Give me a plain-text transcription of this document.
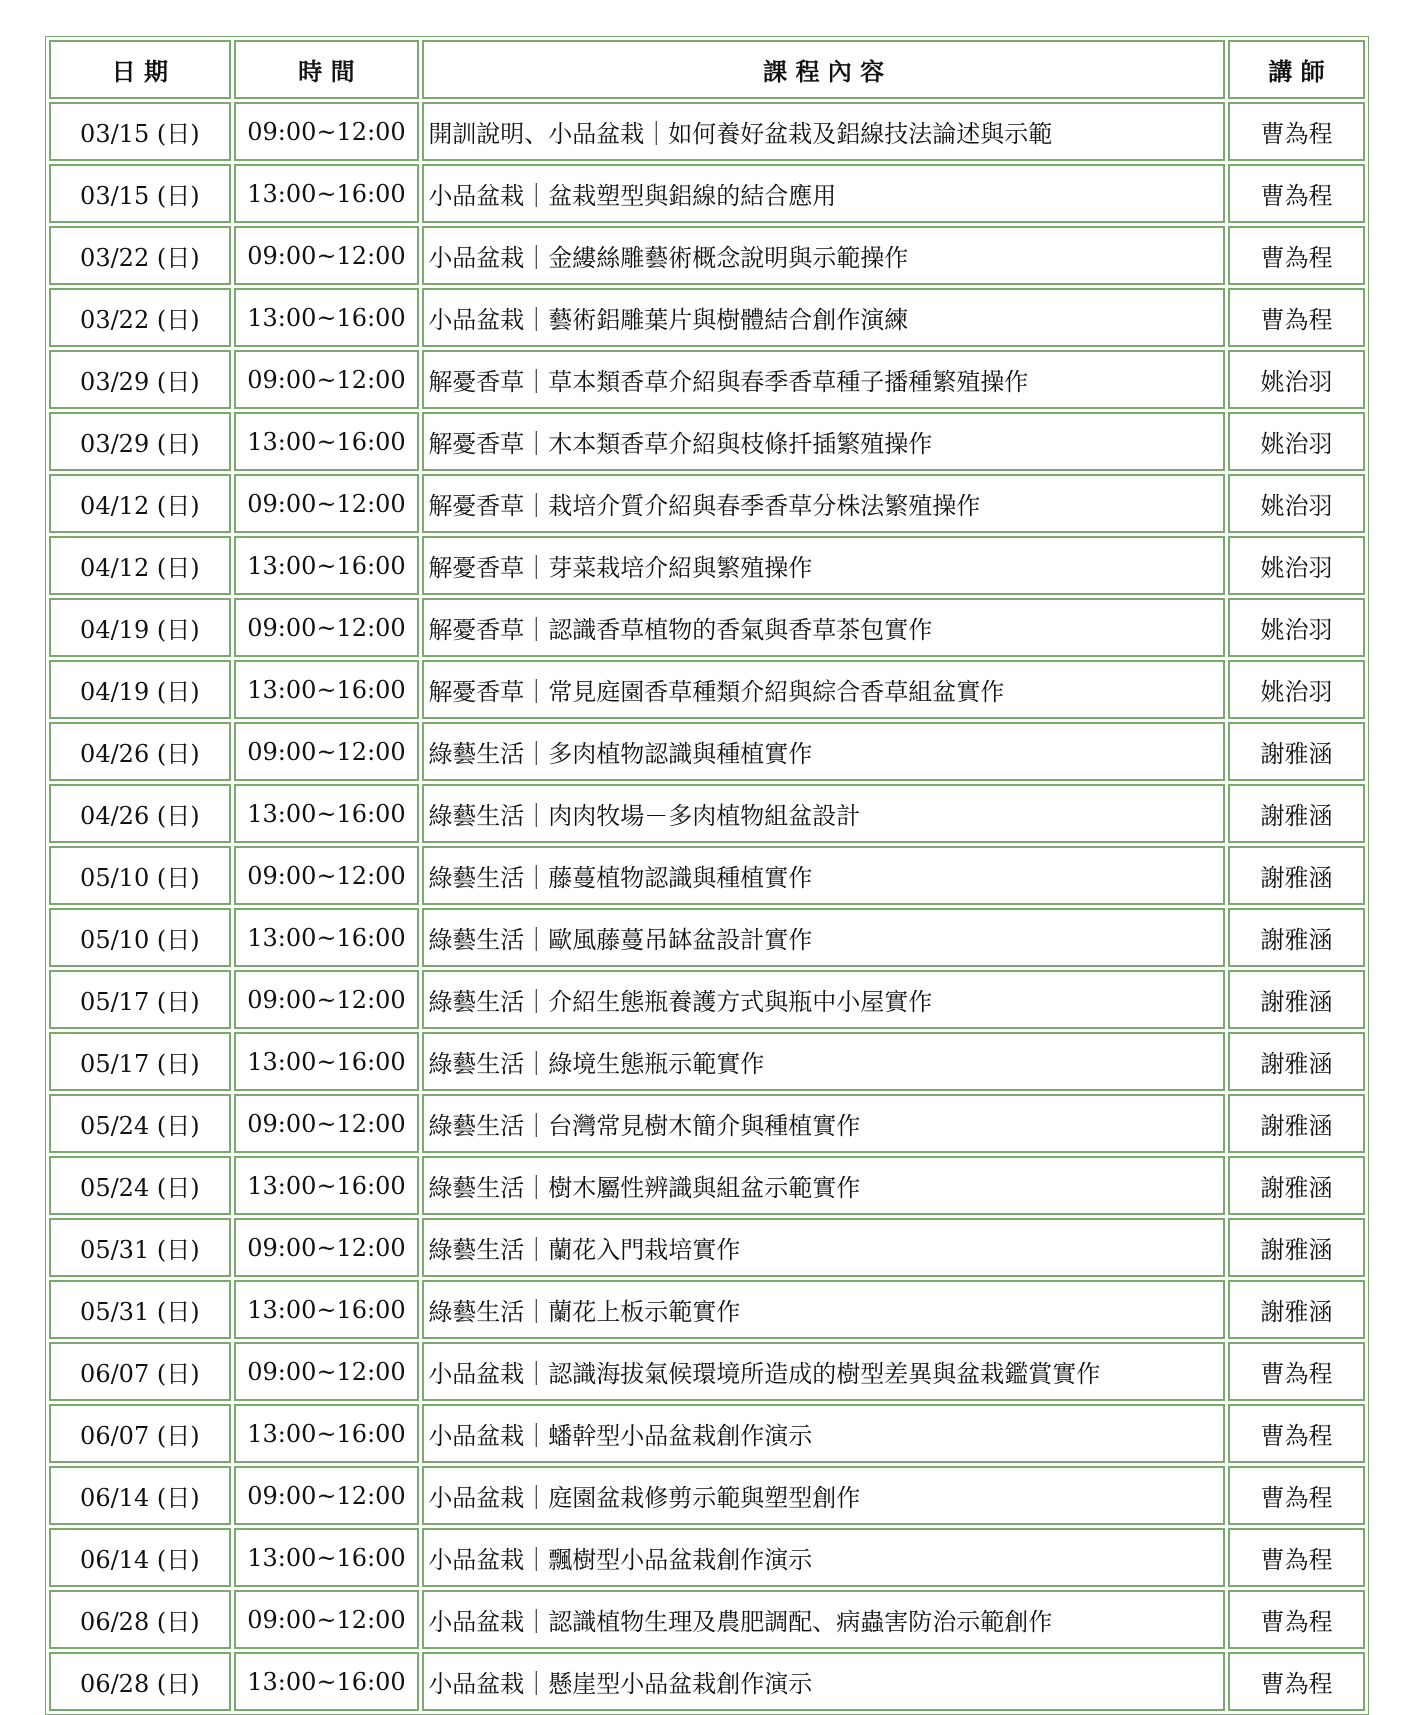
日 期	時 間	課 程 內 容	講 師
03/15 (日)	09:00~12:00	開訓說明、小品盆栽｜如何養好盆栽及鋁線技法論述與示範	曹為程
03/15 (日)	13:00~16:00	小品盆栽｜盆栽塑型與鋁線的結合應用	曹為程
03/22 (日)	09:00~12:00	小品盆栽｜金縷絲雕藝術概念說明與示範操作	曹為程
03/22 (日)	13:00~16:00	小品盆栽｜藝術鋁雕葉片與樹體結合創作演練	曹為程
03/29 (日)	09:00~12:00	解憂香草｜草本類香草介紹與春季香草種子播種繁殖操作	姚治羽
03/29 (日)	13:00~16:00	解憂香草｜木本類香草介紹與枝條扦插繁殖操作	姚治羽
04/12 (日)	09:00~12:00	解憂香草｜栽培介質介紹與春季香草分株法繁殖操作	姚治羽
04/12 (日)	13:00~16:00	解憂香草｜芽菜栽培介紹與繁殖操作	姚治羽
04/19 (日)	09:00~12:00	解憂香草｜認識香草植物的香氣與香草茶包實作	姚治羽
04/19 (日)	13:00~16:00	解憂香草｜常見庭園香草種類介紹與綜合香草組盆實作	姚治羽
04/26 (日)	09:00~12:00	綠藝生活｜多肉植物認識與種植實作	謝雅涵
04/26 (日)	13:00~16:00	綠藝生活｜肉肉牧場－多肉植物組盆設計	謝雅涵
05/10 (日)	09:00~12:00	綠藝生活｜藤蔓植物認識與種植實作	謝雅涵
05/10 (日)	13:00~16:00	綠藝生活｜歐風藤蔓吊缽盆設計實作	謝雅涵
05/17 (日)	09:00~12:00	綠藝生活｜介紹生態瓶養護方式與瓶中小屋實作	謝雅涵
05/17 (日)	13:00~16:00	綠藝生活｜綠境生態瓶示範實作	謝雅涵
05/24 (日)	09:00~12:00	綠藝生活｜台灣常見樹木簡介與種植實作	謝雅涵
05/24 (日)	13:00~16:00	綠藝生活｜樹木屬性辨識與組盆示範實作	謝雅涵
05/31 (日)	09:00~12:00	綠藝生活｜蘭花入門栽培實作	謝雅涵
05/31 (日)	13:00~16:00	綠藝生活｜蘭花上板示範實作	謝雅涵
06/07 (日)	09:00~12:00	小品盆栽｜認識海拔氣候環境所造成的樹型差異與盆栽鑑賞實作	曹為程
06/07 (日)	13:00~16:00	小品盆栽｜蟠幹型小品盆栽創作演示	曹為程
06/14 (日)	09:00~12:00	小品盆栽｜庭園盆栽修剪示範與塑型創作	曹為程
06/14 (日)	13:00~16:00	小品盆栽｜飄樹型小品盆栽創作演示	曹為程
06/28 (日)	09:00~12:00	小品盆栽｜認識植物生理及農肥調配、病蟲害防治示範創作	曹為程
06/28 (日)	13:00~16:00	小品盆栽｜懸崖型小品盆栽創作演示	曹為程
